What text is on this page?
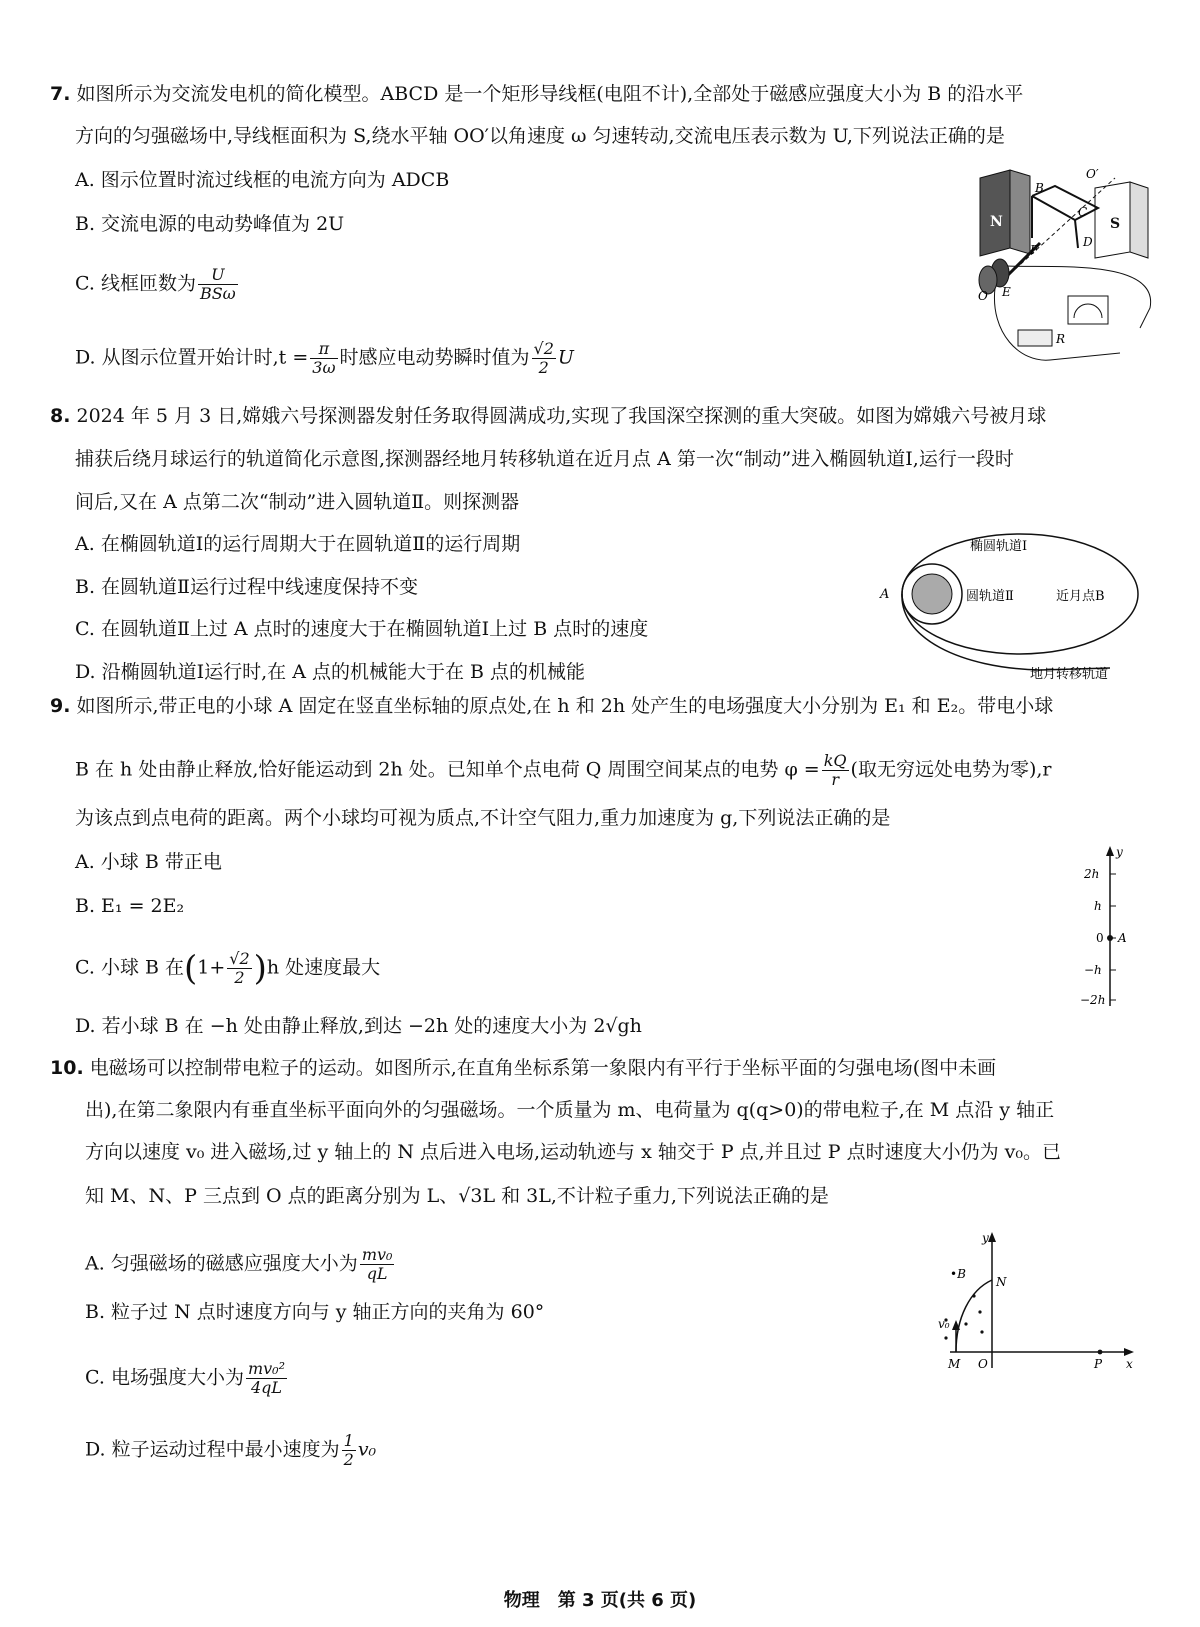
7. 如图所示为交流发电机的简化模型。ABCD 是一个矩形导线框(电阻不计),全部处于磁感应强度大小为 B 的沿水平
方向的匀强磁场中,导线框面积为 S,绕水平轴 OO′以角速度 ω 匀速转动,交流电压表示数为 U,下列说法正确的是
A. 图示位置时流过线框的电流方向为 ADCB
B. 交流电源的电动势峰值为 2U
C. 线框匝数为 $\frac{U}{\text{BSω}}$
D. 从图示位置开始计时$,t = \frac{\pi}{3\omega}$ 时感应电动势瞬时值为 $\frac{√2}{2}$ U
N	S
B
C
D
F
E
O
O′
R
8. 2024 年 5 月 3 日,嫦娥六号探测器发射任务取得圆满成功,实现了我国深空探测的重大突破。如图为嫦娥六号被月球
捕获后绕月球运行的轨道简化示意图,探测器经地月转移轨道在近月点 A 第一次“制动”进入椭圆轨道Ⅰ,运行一段时
间后,又在 A 点第二次“制动”进入圆轨道Ⅱ。则探测器
A. 在椭圆轨道Ⅰ的运行周期大于在圆轨道Ⅱ的运行周期
B. 在圆轨道Ⅱ运行过程中线速度保持不变
C. 在圆轨道Ⅱ上过 A 点时的速度大于在椭圆轨道Ⅰ上过 B 点时的速度
D. 沿椭圆轨道Ⅰ运行时,在 A 点的机械能大于在 B 点的机械能
椭圆轨道Ⅰ
圆轨道Ⅱ	近月点B
A
地月转移轨道
9. 如图所示,带正电的小球 A 固定在竖直坐标轴的原点处,在 h 和 2h 处产生的电场强度大小分别为 E₁ 和 E₂。带电小球
B 在 h 处由静止释放,恰好能运动到 2h 处。已知单个点电荷 Q 周围空间某点的电势 $\varphi = \frac{kQ}{r}$ (取无穷远处电势为零),r
为该点到点电荷的距离。两个小球均可视为质点,不计空气阻力,重力加速度为 g,下列说法正确的是
A. 小球 B 带正电
B. E₁ = 2E₂
C. 小球 B 在$(1+ \frac{√2}{2} )h$ 处速度最大
D. 若小球 B 在 −h 处由静止释放,到达 −2h 处的速度大小为 2√gh
y
2h
h
0
−h
−2h
A
10. 电磁场可以控制带电粒子的运动。如图所示,在直角坐标系第一象限内有平行于坐标平面的匀强电场(图中未画
出),在第二象限内有垂直坐标平面向外的匀强磁场。一个质量为 m、电荷量为 q(q>0)的带电粒子,在 M 点沿 y 轴正
方向以速度 v₀ 进入磁场,过 y 轴上的 N 点后进入电场,运动轨迹与 x 轴交于 P 点,并且过 P 点时速度大小仍为 v₀。已
知 M、N、P 三点到 O 点的距离分别为 L、√3L 和 3L,不计粒子重力,下列说法正确的是
A. 匀强磁场的磁感应强度大小为 $\frac{\text{mv₀}}{qL}$
B. 粒子过 N 点时速度方向与 y 轴正方向的夹角为 60°
C. 电场强度大小为 $\frac{\text{mv₀²}}{4qL}$
D. 粒子运动过程中最小速度为 $\frac{1}{2} v_0$
y
x
•B
N
v₀
M O	P
物理　第 3 页(共 6 页)
